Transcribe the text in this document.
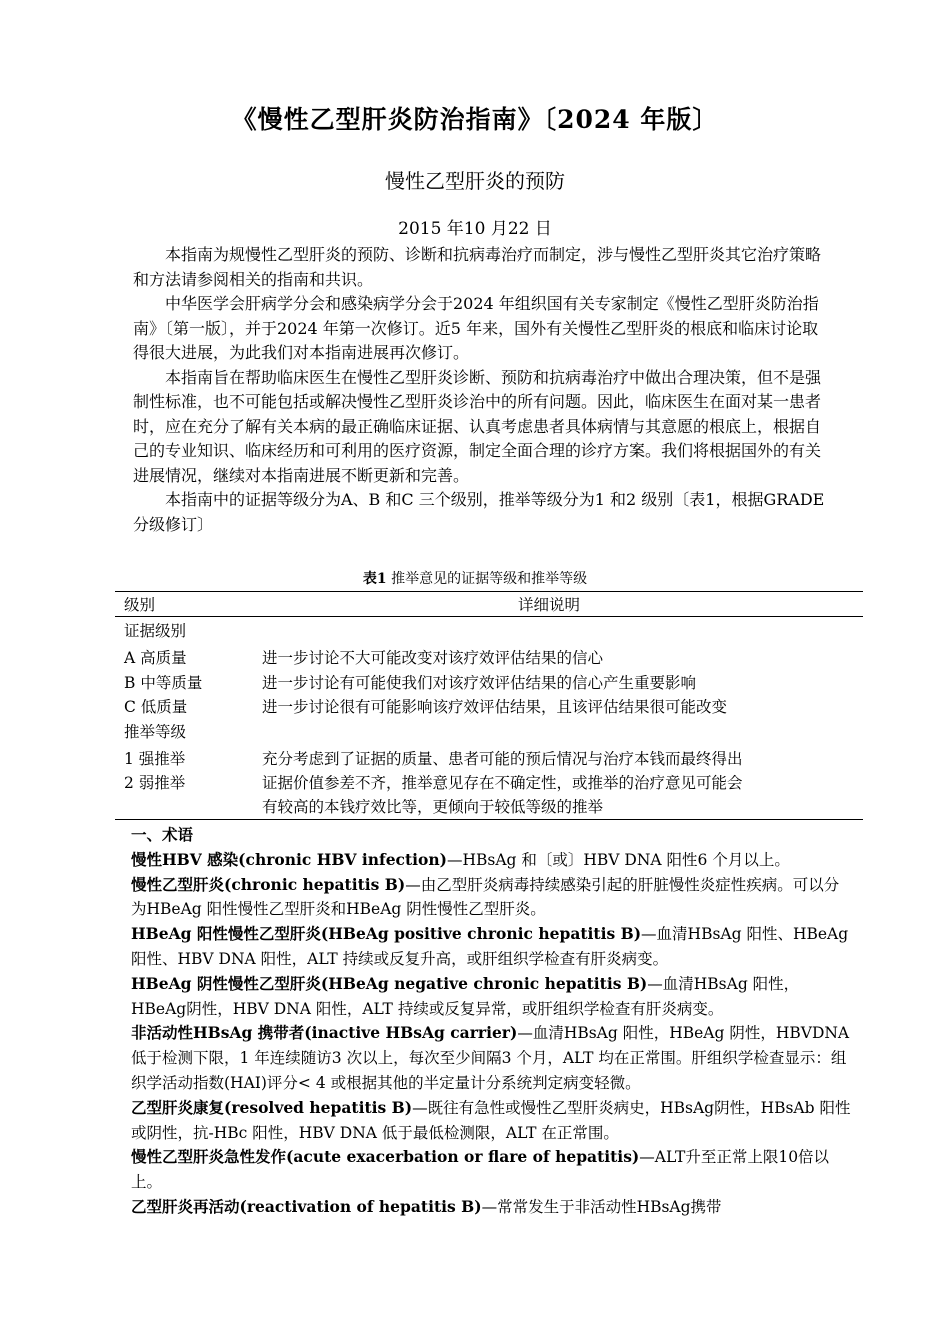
《慢性乙型肝炎防治指南》〔2024 年版〕
慢性乙型肝炎的预防
2015 年10 月22 日

本指南为规慢性乙型肝炎的预防、诊断和抗病毒治疗而制定，涉与慢性乙型肝炎其它治疗策略和方法请参阅相关的指南和共识。

中华医学会肝病学分会和感染病学分会于2024 年组织国有关专家制定《慢性乙型肝炎防治指南》〔第一版〕，并于2024 年第一次修订。近5 年来，国外有关慢性乙型肝炎的根底和临床讨论取得很大进展，为此我们对本指南进展再次修订。

本指南旨在帮助临床医生在慢性乙型肝炎诊断、预防和抗病毒治疗中做出合理决策，但不是强制性标准，也不可能包括或解决慢性乙型肝炎诊治中的所有问题。因此，临床医生在面对某一患者时，应在充分了解有关本病的最正确临床证据、认真考虑患者具体病情与其意愿的根底上，根据自己的专业知识、临床经历和可利用的医疗资源，制定全面合理的诊疗方案。我们将根据国外的有关进展情况，继续对本指南进展不断更新和完善。

本指南中的证据等级分为A、B 和C 三个级别，推举等级分为1 和2 级别〔表1，根据GRADE 分级修订〕

表1 推举意见的证据等级和推举等级
级别	详细说明
证据级别
A 高质量	进一步讨论不大可能改变对该疗效评估结果的信心
B 中等质量	进一步讨论有可能使我们对该疗效评估结果的信心产生重要影响
C 低质量	进一步讨论很有可能影响该疗效评估结果，且该评估结果很可能改变
推举等级
1 强推举	充分考虑到了证据的质量、患者可能的预后情况与治疗本钱而最终得出
2 弱推举	证据价值参差不齐，推举意见存在不确定性，或推举的治疗意见可能会
有较高的本钱疗效比等，更倾向于较低等级的推举

一、术语

慢性HBV 感染(chronic HBV infection)—HBsAg 和〔或〕HBV DNA 阳性6 个月以上。

慢性乙型肝炎(chronic hepatitis B)—由乙型肝炎病毒持续感染引起的肝脏慢性炎症性疾病。可以分为HBeAg 阳性慢性乙型肝炎和HBeAg 阴性慢性乙型肝炎。

HBeAg 阳性慢性乙型肝炎(HBeAg positive chronic hepatitis B)—血清HBsAg 阳性、HBeAg阳性、HBV DNA 阳性，ALT 持续或反复升高，或肝组织学检查有肝炎病变。

HBeAg 阴性慢性乙型肝炎(HBeAg negative chronic hepatitis B)—血清HBsAg 阳性，HBeAg阴性，HBV DNA 阳性，ALT 持续或反复异常，或肝组织学检查有肝炎病变。

非活动性HBsAg 携带者(inactive HBsAg carrier)—血清HBsAg 阳性，HBeAg 阴性，HBVDNA 低于检测下限，1 年连续随访3 次以上，每次至少间隔3 个月，ALT 均在正常围。肝组织学检查显示：组织学活动指数(HAI)评分< 4 或根据其他的半定量计分系统判定病变轻微。

乙型肝炎康复(resolved hepatitis B)—既往有急性或慢性乙型肝炎病史，HBsAg阴性，HBsAb 阳性或阴性，抗-HBc 阳性，HBV DNA 低于最低检测限，ALT 在正常围。

慢性乙型肝炎急性发作(acute exacerbation or flare of hepatitis)—ALT升至正常上限10倍以上。

乙型肝炎再活动(reactivation of hepatitis B)—常常发生于非活动性HBsAg携带
